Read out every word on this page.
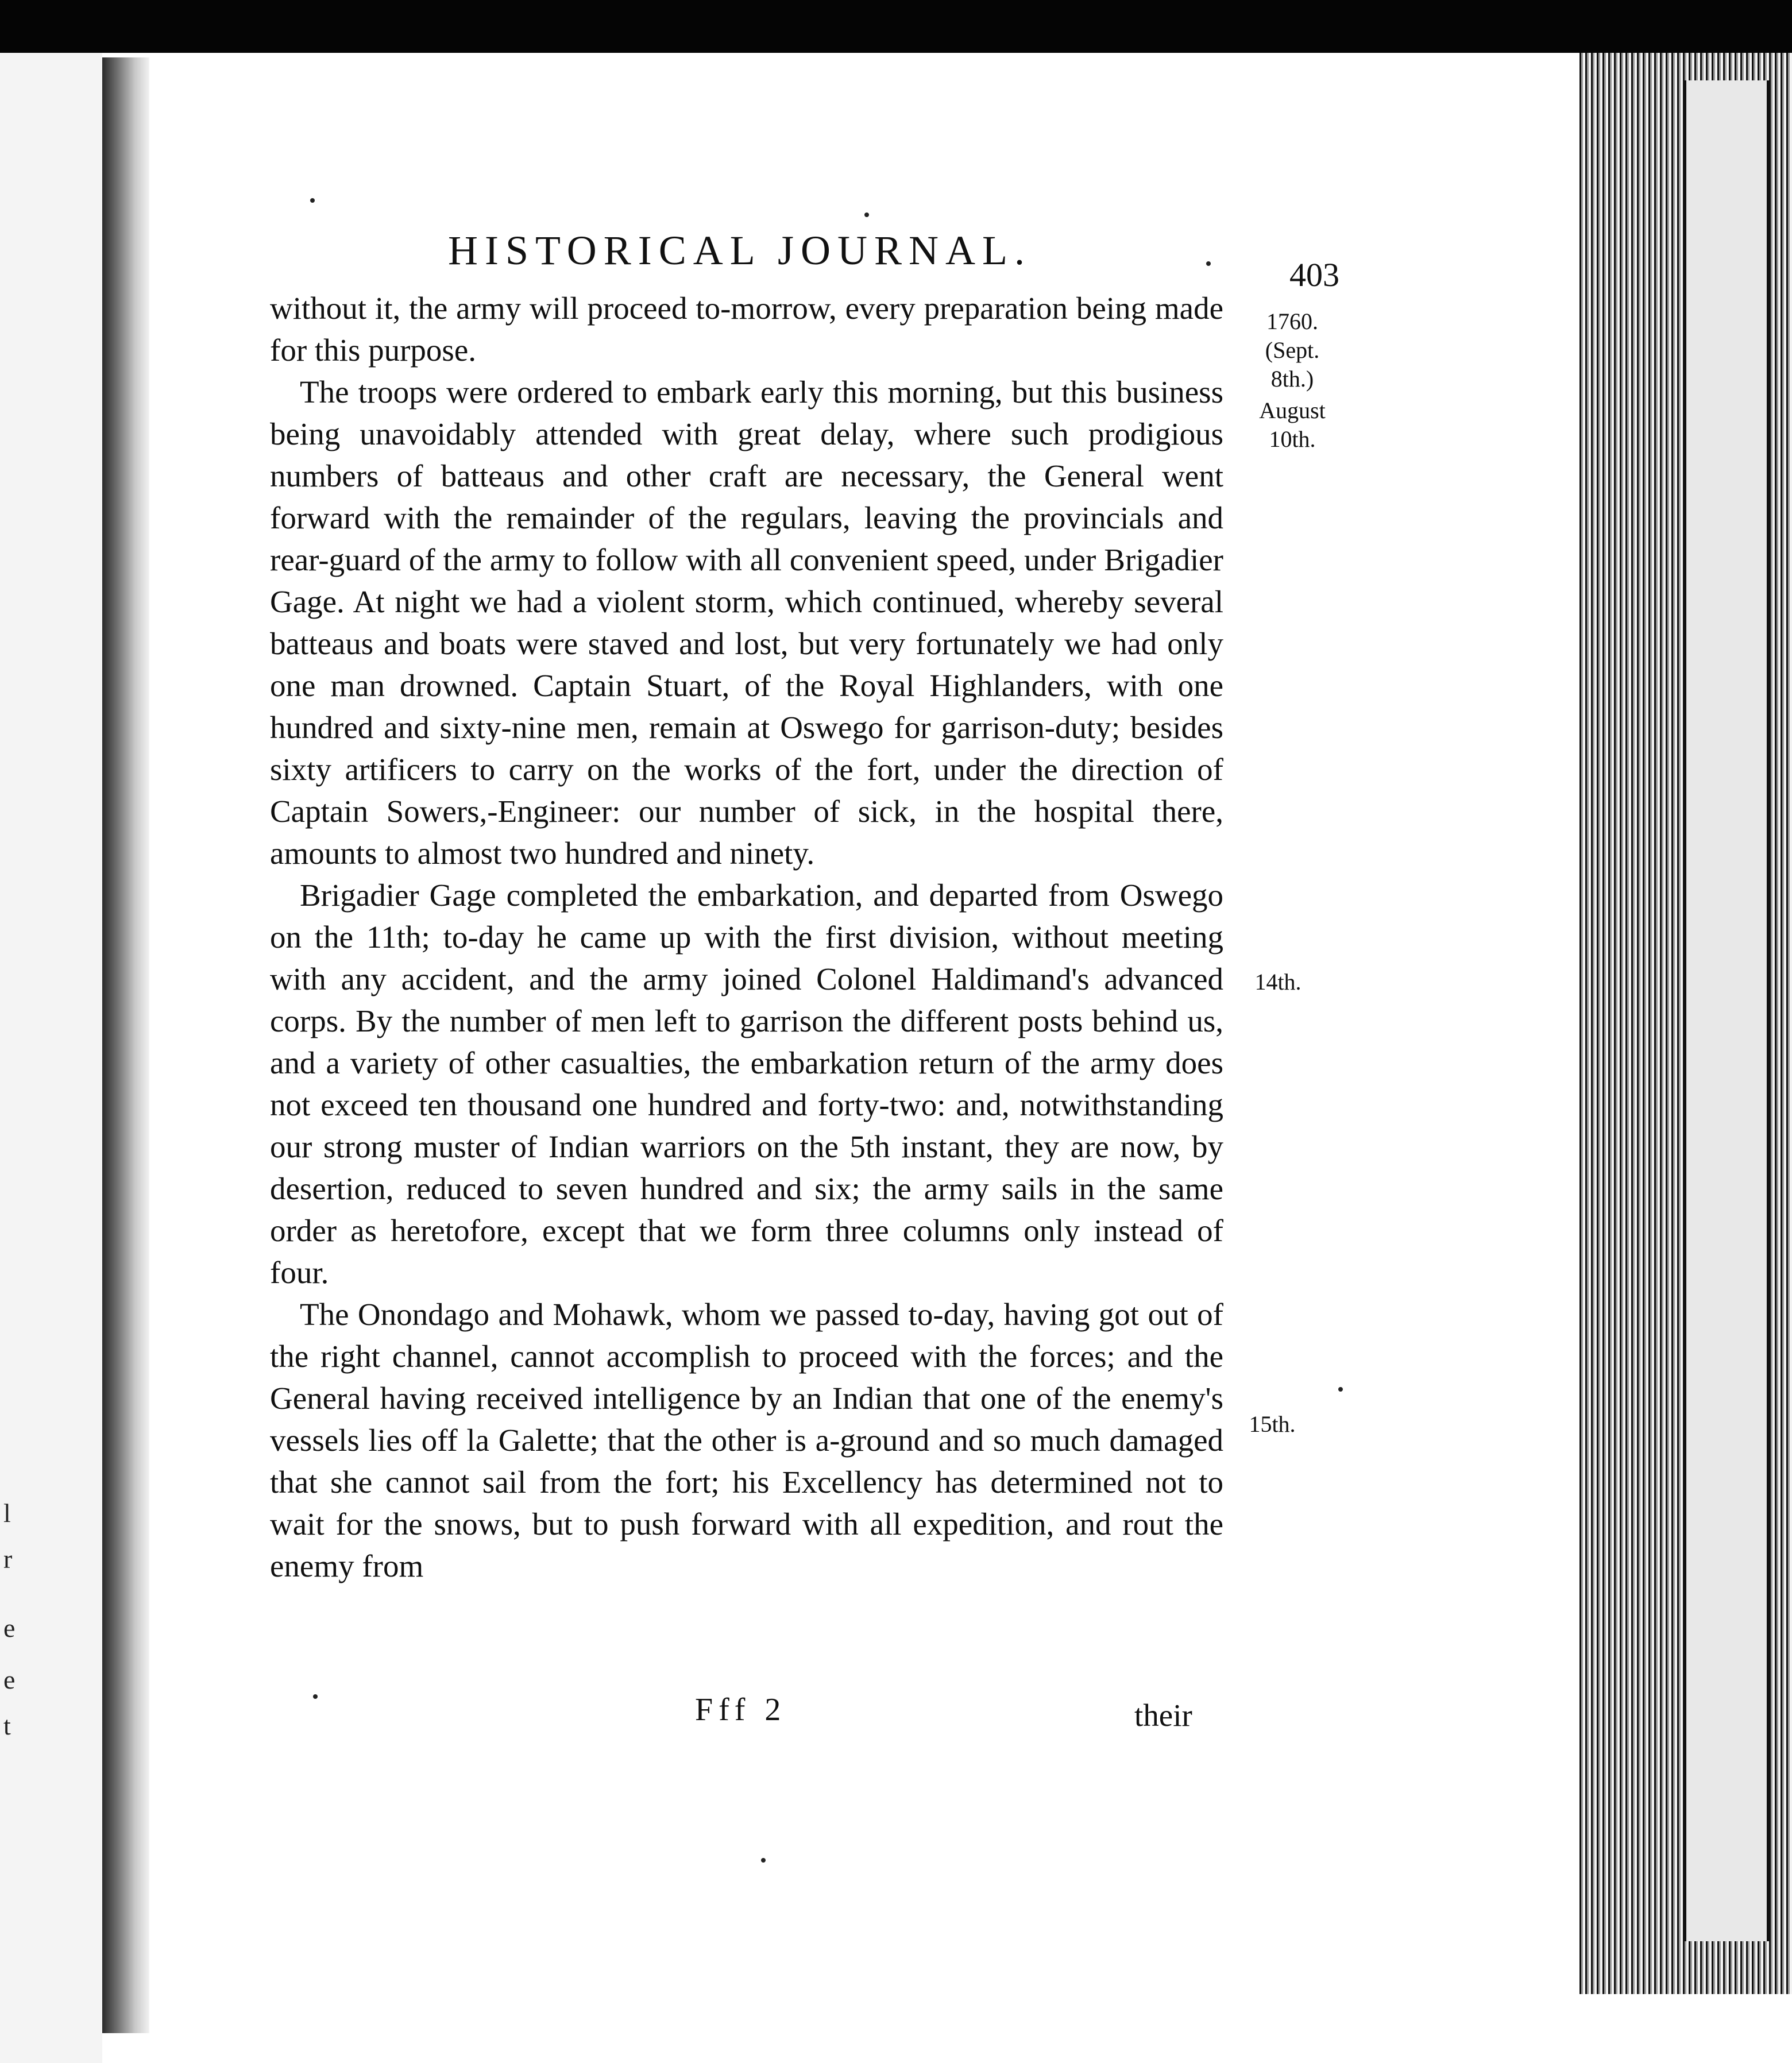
l
r
e
e
t
HISTORICAL JOURNAL.
403

without it, the army will proceed to-morrow, every preparation being made for this purpose.

The troops were ordered to embark early this morning, but this business being unavoidably attended with great delay, where such prodigious numbers of batteaus and other craft are necessary, the General went forward with the remainder of the regulars, leaving the provincials and rear-guard of the army to follow with all convenient speed, under Brigadier Gage. At night we had a violent storm, which continued, whereby several batteaus and boats were staved and lost, but very fortunately we had only one man drowned. Captain Stuart, of the Royal Highlanders, with one hundred and sixty-nine men, remain at Oswego for garrison-duty; besides sixty artificers to carry on the works of the fort, under the direction of Captain Sowers,-Engineer: our number of sick, in the hospital there, amounts to almost two hundred and ninety.

Brigadier Gage completed the embarkation, and departed from Oswego on the 11th; to-day he came up with the first division, without meeting with any accident, and the army joined Colonel Haldimand's advanced corps. By the number of men left to garrison the different posts behind us, and a variety of other casualties, the embarkation return of the army does not exceed ten thousand one hundred and forty-two: and, notwithstanding our strong muster of Indian warriors on the 5th instant, they are now, by desertion, reduced to seven hundred and six; the army sails in the same order as heretofore, except that we form three columns only instead of four.

The Onondago and Mohawk, whom we passed to-day, having got out of the right channel, cannot accomplish to proceed with the forces; and the General having received intelligence by an Indian that one of the enemy's vessels lies off la Galette; that the other is a-ground and so much damaged that she cannot sail from the fort; his Excellency has determined not to wait for the snows, but to push forward with all expedition, and rout the enemy from

1760.
(Sept.
8th.)
August
10th.
14th.
15th.
Fff 2	their
